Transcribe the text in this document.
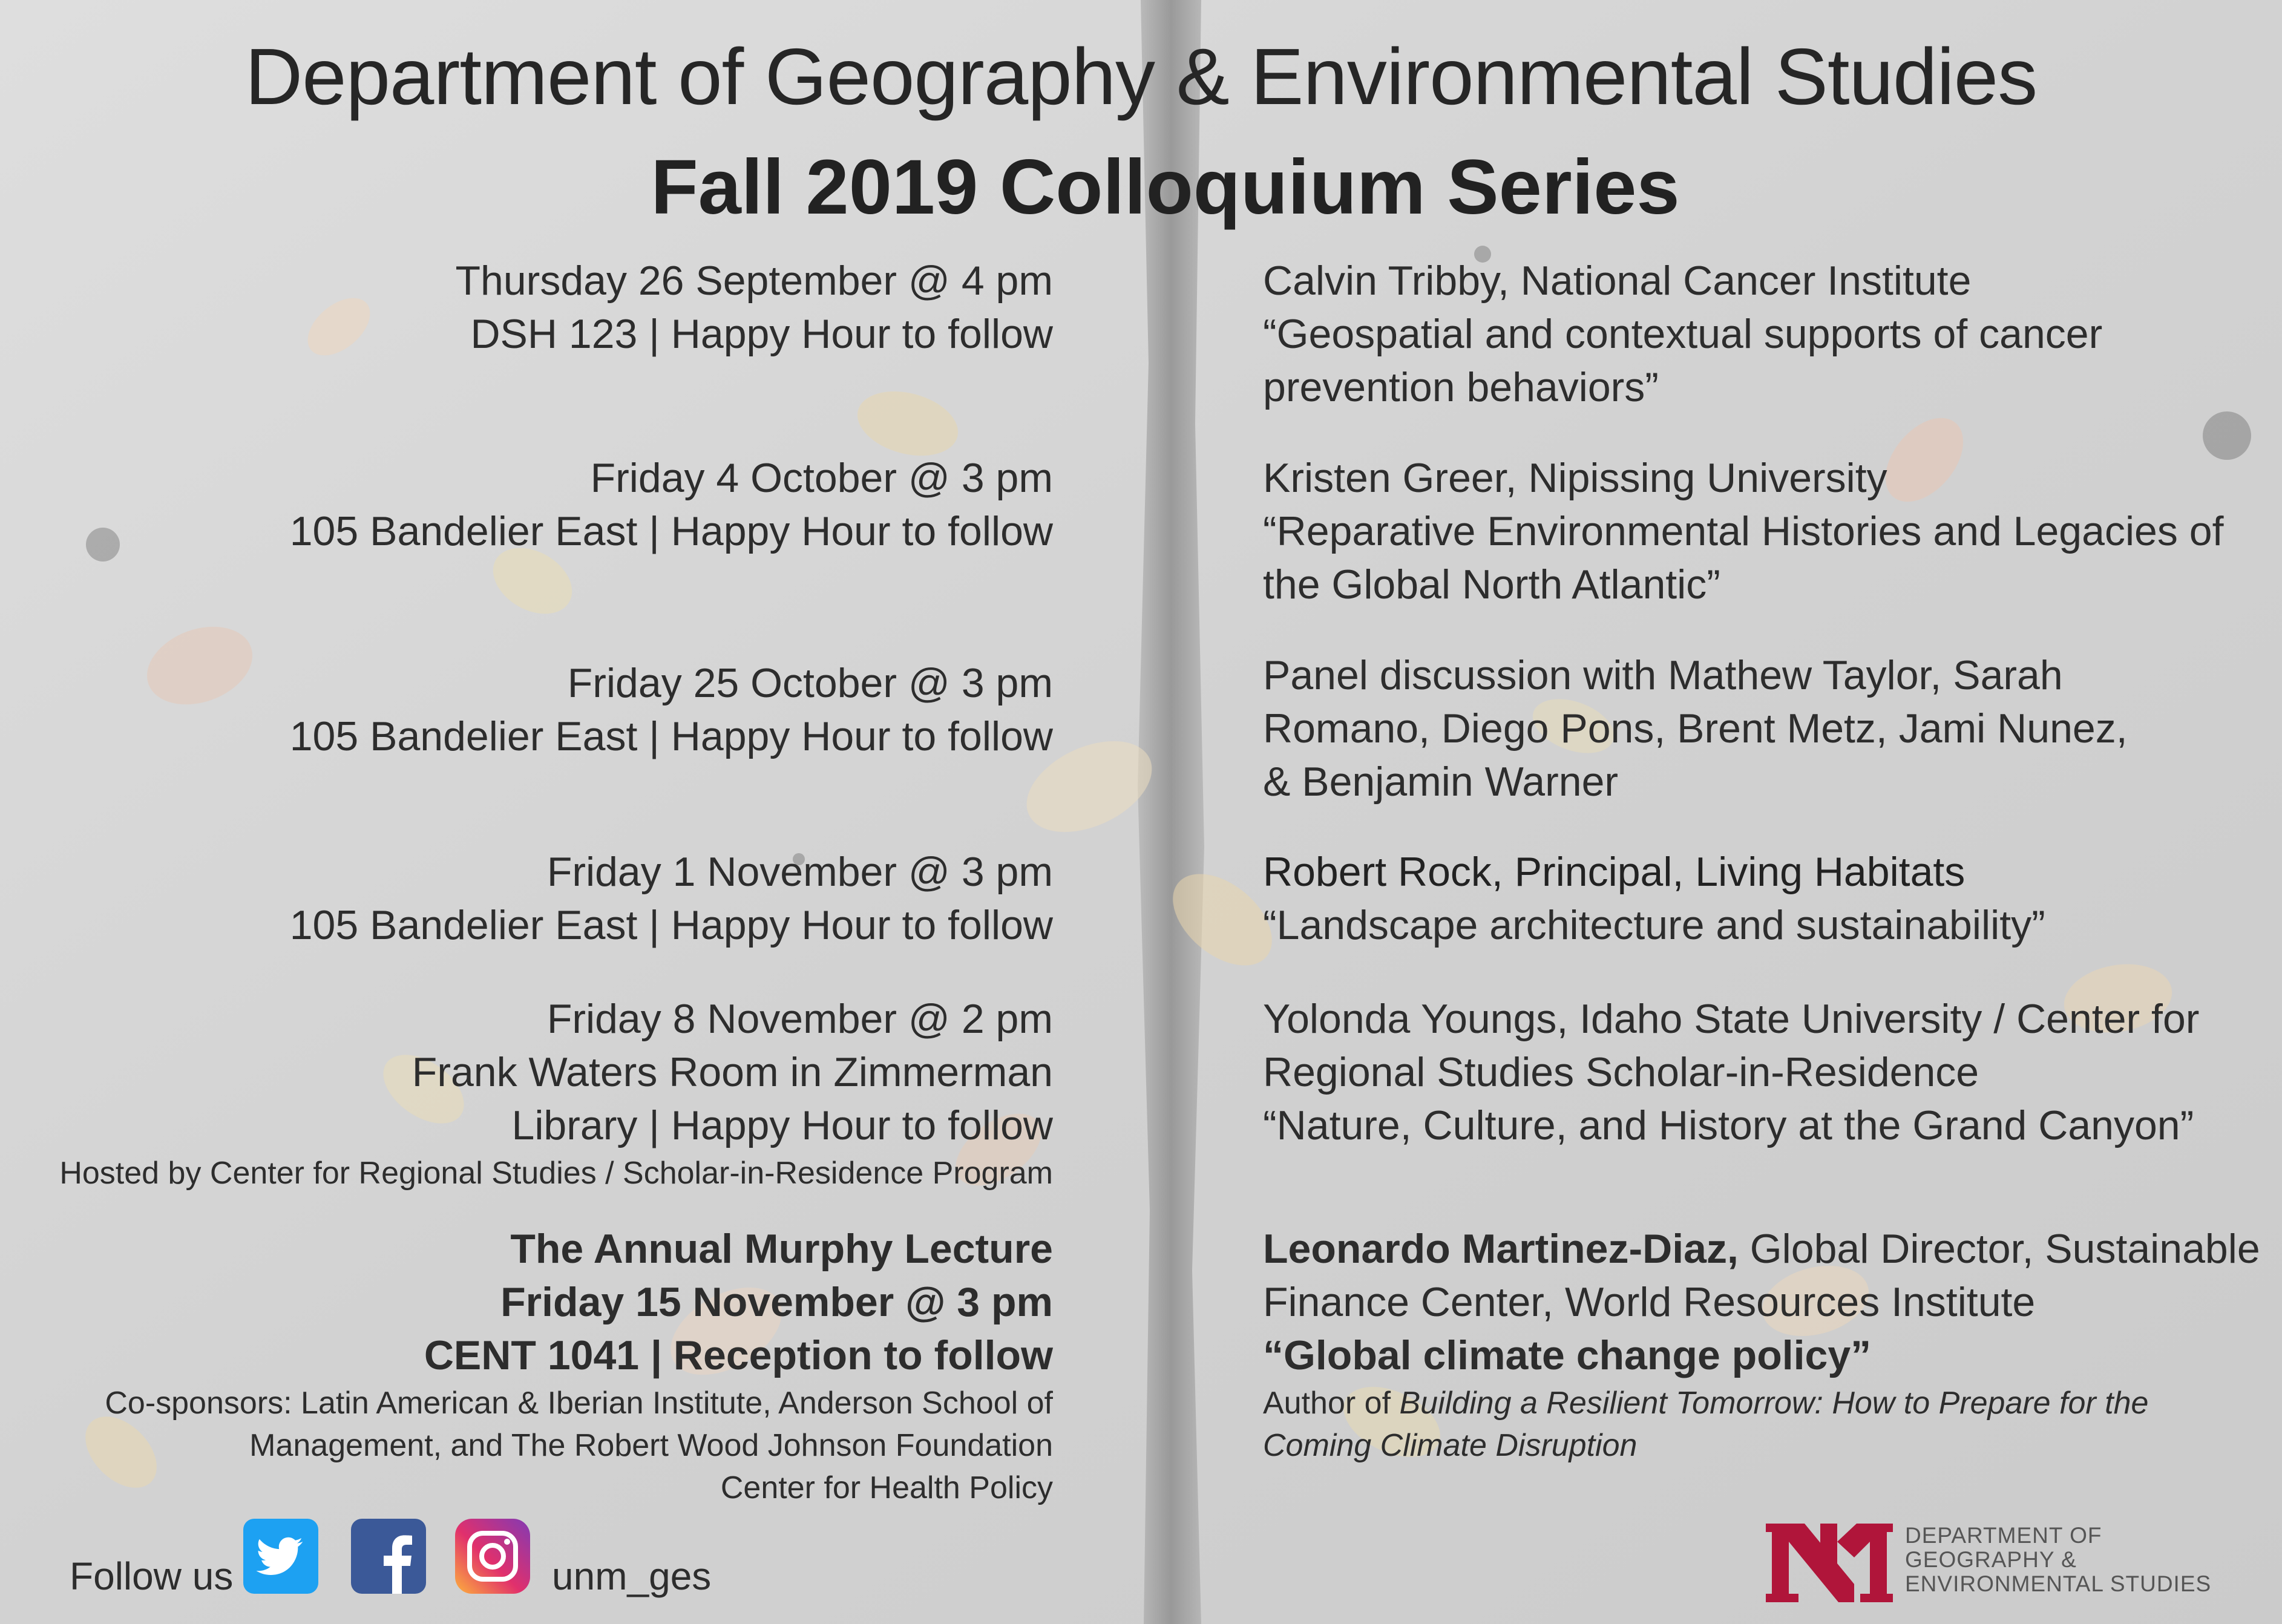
Department of Geography & Environmental Studies
Fall 2019 Colloquium Series
Thursday 26 September @ 4 pm
DSH 123 | Happy Hour to follow
Calvin Tribby, National Cancer Institute
“Geospatial and contextual supports of cancer
prevention behaviors”
Friday 4 October @ 3 pm
105 Bandelier East | Happy Hour to follow
Kristen Greer, Nipissing University
“Reparative Environmental Histories and Legacies of
the Global North Atlantic”
Friday 25 October @ 3 pm
105 Bandelier East | Happy Hour to follow
Panel discussion with Mathew Taylor, Sarah
Romano, Diego Pons, Brent Metz, Jami Nunez,
& Benjamin Warner
Friday 1 November @ 3 pm
105 Bandelier East | Happy Hour to follow
Robert Rock, Principal, Living Habitats
“Landscape architecture and sustainability”
Friday 8 November @ 2 pm
Frank Waters Room in Zimmerman
Library | Happy Hour to follow
Hosted by Center for Regional Studies / Scholar-in-Residence Program
Yolonda Youngs, Idaho State University / Center for
Regional Studies Scholar-in-Residence
“Nature, Culture, and History at the Grand Canyon”
The Annual Murphy Lecture
Friday 15 November @ 3 pm
CENT 1041 | Reception to follow
Co-sponsors: Latin American & Iberian Institute, Anderson School of
Management, and The Robert Wood Johnson Foundation
Center for Health Policy
Leonardo Martinez-Diaz, Global Director, Sustainable
Finance Center, World Resources Institute
“Global climate change policy”
Author of Building a Resilient Tomorrow: How to Prepare for the
Coming Climate Disruption
Follow us	unm_ges
DEPARTMENT OF
GEOGRAPHY &
ENVIRONMENTAL STUDIES
